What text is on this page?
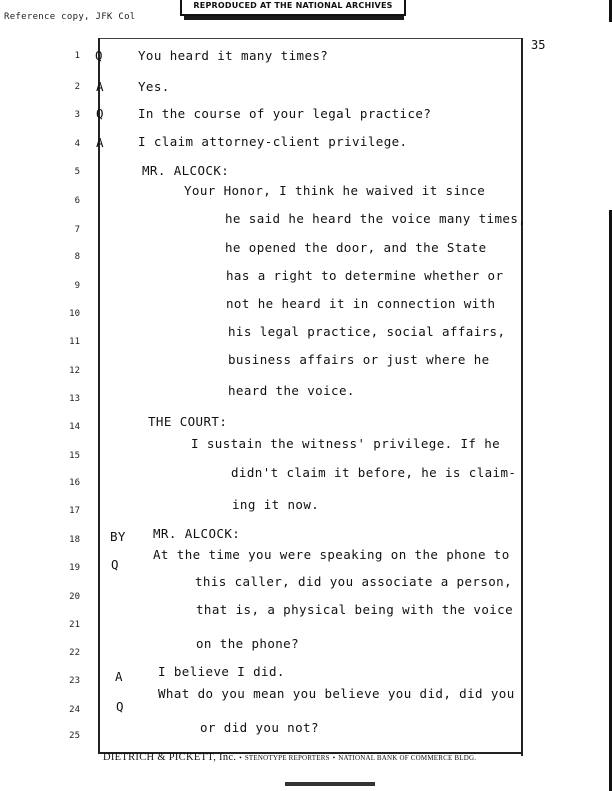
Reference copy, JFK Col
REPRODUCED AT THE NATIONAL ARCHIVES
35
1 Q	You heard it many times?
2 A	Yes.
3 Q	In the course of your legal practice?
4 A	I claim attorney-client privilege.
5	MR. ALCOCK:
6
Your Honor, I think he waived it since
7
he said he heard the voice many times,
8
he opened the door, and the State
9
has a right to determine whether or
10
not he heard it in connection with
11
his legal practice, social affairs,
12
business affairs or just where he
13
heard the voice.
14	THE COURT:
15
I sustain the witness' privilege. If he
16
didn't claim it before, he is claim-
17	ing it now.
18 BY MR. ALCOCK:
19 Q
At the time you were speaking on the phone to
20
this caller, did you associate a person,
21
that is, a physical being with the voice
22
on the phone?
23	A	I believe I did.
24	Q
What do you mean you believe you did, did you
25
or did you not?
DIETRICH & PICKETT, Inc. • STENOTYPE REPORTERS • NATIONAL BANK OF COMMERCE BLDG.
